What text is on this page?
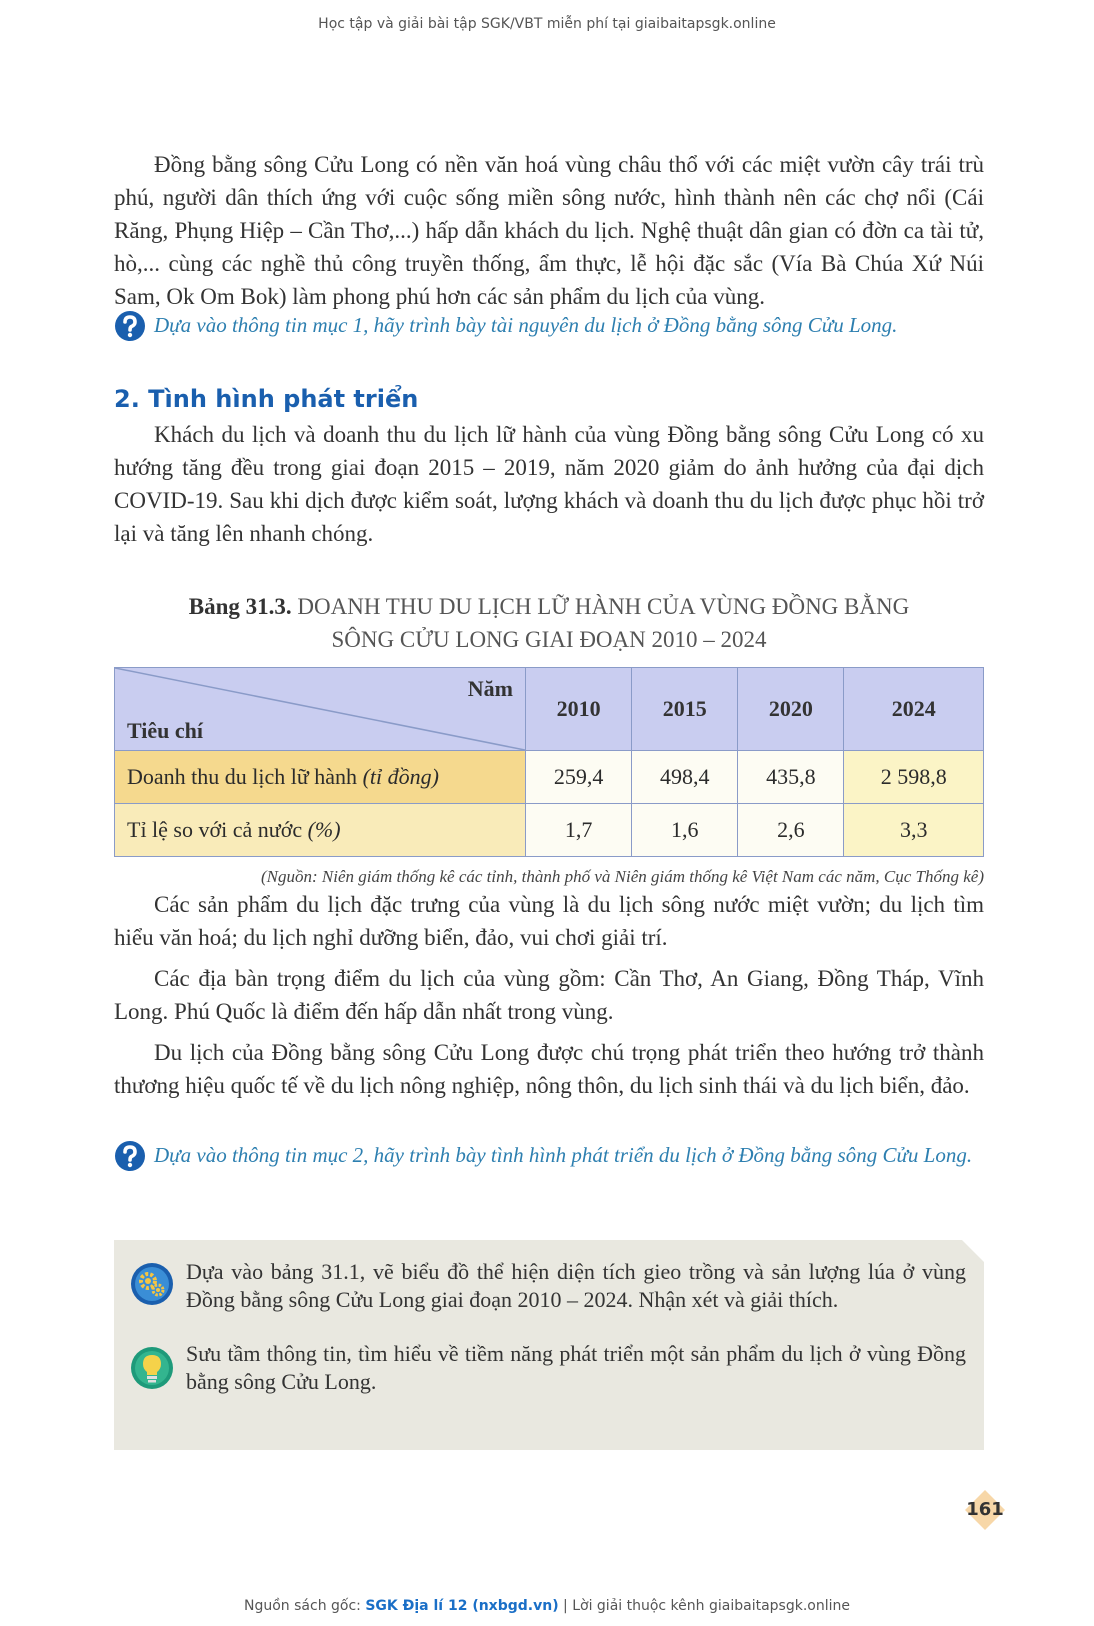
Học tập và giải bài tập SGK/VBT miễn phí tại giaibaitapsgk.online
Đồng bằng sông Cửu Long có nền văn hoá vùng châu thổ với các miệt vườn cây trái trù phú, người dân thích ứng với cuộc sống miền sông nước, hình thành nên các chợ nổi (Cái Răng, Phụng Hiệp – Cần Thơ,...) hấp dẫn khách du lịch. Nghệ thuật dân gian có đờn ca tài tử, hò,... cùng các nghề thủ công truyền thống, ẩm thực, lễ hội đặc sắc (Vía Bà Chúa Xứ Núi Sam, Ok Om Bok) làm phong phú hơn các sản phẩm du lịch của vùng.
Dựa vào thông tin mục 1, hãy trình bày tài nguyên du lịch ở Đồng bằng sông Cửu Long.
2. Tình hình phát triển
Khách du lịch và doanh thu du lịch lữ hành của vùng Đồng bằng sông Cửu Long có xu hướng tăng đều trong giai đoạn 2015 – 2019, năm 2020 giảm do ảnh hưởng của đại dịch COVID-19. Sau khi dịch được kiểm soát, lượng khách và doanh thu du lịch được phục hồi trở lại và tăng lên nhanh chóng.
Bảng 31.3. DOANH THU DU LỊCH LỮ HÀNH CỦA VÙNG ĐỒNG BẰNG
SÔNG CỬU LONG GIAI ĐOẠN 2010 – 2024
Năm
Tiêu chí	2010	2015	2020	2024
Doanh thu du lịch lữ hành (tỉ đồng)	259,4	498,4	435,8	2 598,8
Tỉ lệ so với cả nước (%)	1,7	1,6	2,6	3,3
(Nguồn: Niên giám thống kê các tỉnh, thành phố và Niên giám thống kê Việt Nam các năm, Cục Thống kê)
Các sản phẩm du lịch đặc trưng của vùng là du lịch sông nước miệt vườn; du lịch tìm hiểu văn hoá; du lịch nghỉ dưỡng biển, đảo, vui chơi giải trí.
Các địa bàn trọng điểm du lịch của vùng gồm: Cần Thơ, An Giang, Đồng Tháp, Vĩnh Long. Phú Quốc là điểm đến hấp dẫn nhất trong vùng.
Du lịch của Đồng bằng sông Cửu Long được chú trọng phát triển theo hướng trở thành thương hiệu quốc tế về du lịch nông nghiệp, nông thôn, du lịch sinh thái và du lịch biển, đảo.
Dựa vào thông tin mục 2, hãy trình bày tình hình phát triển du lịch ở Đồng bằng sông Cửu Long.
Dựa vào bảng 31.1, vẽ biểu đồ thể hiện diện tích gieo trồng và sản lượng lúa ở vùng Đồng bằng sông Cửu Long giai đoạn 2010 – 2024. Nhận xét và giải thích.
Sưu tầm thông tin, tìm hiểu về tiềm năng phát triển một sản phẩm du lịch ở vùng Đồng bằng sông Cửu Long.
161
Nguồn sách gốc: SGK Địa lí 12 (nxbgd.vn) | Lời giải thuộc kênh giaibaitapsgk.online
